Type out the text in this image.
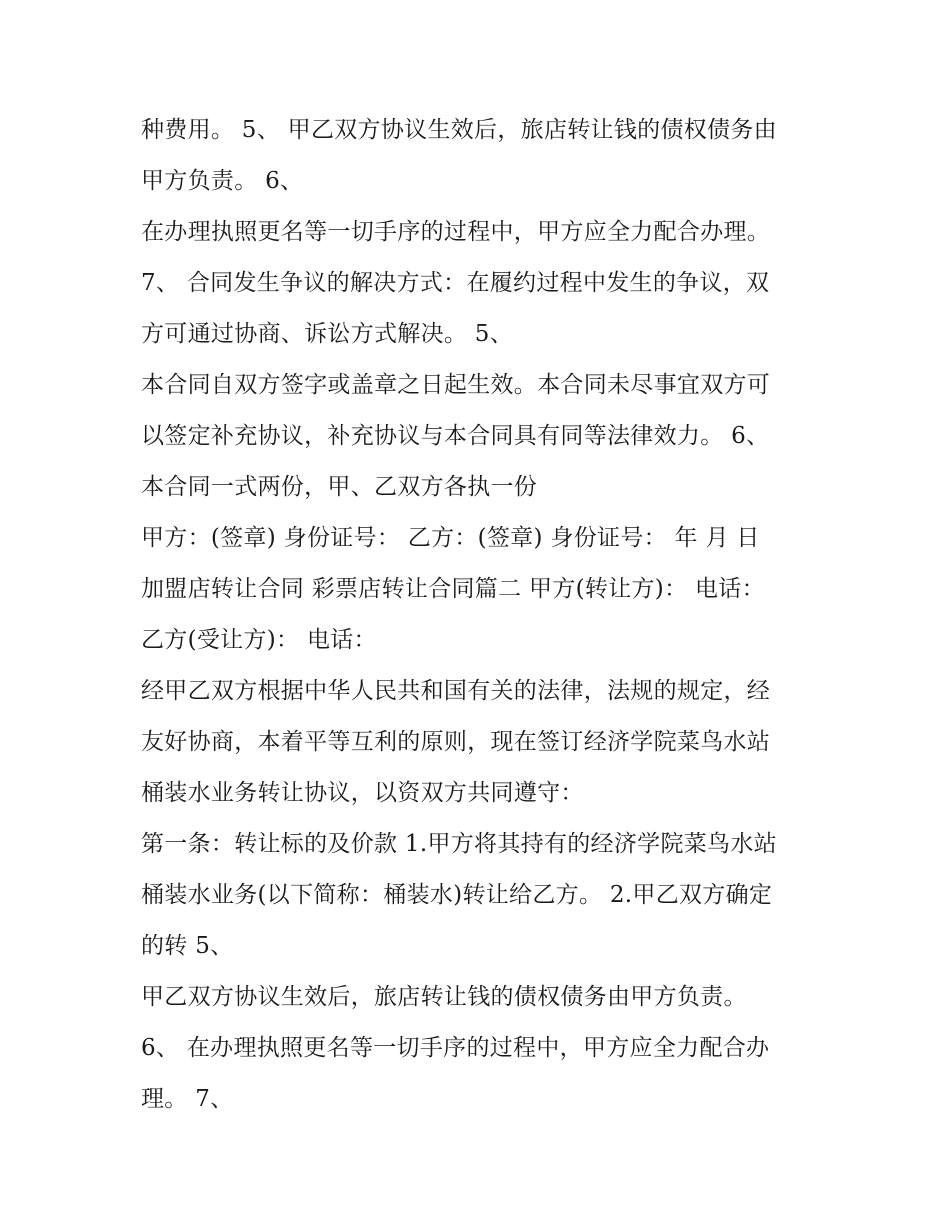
种费用。 5、 甲乙双方协议生效后，旅店转让钱的债权债务由
甲方负责。 6、
在办理执照更名等一切手序的过程中，甲方应全力配合办理。
7、 合同发生争议的解决方式：在履约过程中发生的争议，双
方可通过协商、诉讼方式解决。 5、
本合同自双方签字或盖章之日起生效。本合同未尽事宜双方可
以签定补充协议，补充协议与本合同具有同等法律效力。 6、
本合同一式两份，甲、乙双方各执一份
甲方：(签章) 身份证号： 乙方：(签章) 身份证号： 年 月 日
加盟店转让合同 彩票店转让合同篇二 甲方(转让方)： 电话：
乙方(受让方)： 电话：
经甲乙双方根据中华人民共和国有关的法律，法规的规定，经
友好协商，本着平等互利的原则，现在签订经济学院菜鸟水站
桶装水业务转让协议，以资双方共同遵守：
第一条：转让标的及价款 1.甲方将其持有的经济学院菜鸟水站
桶装水业务(以下简称：桶装水)转让给乙方。 2.甲乙双方确定
的转 5、
甲乙双方协议生效后，旅店转让钱的债权债务由甲方负责。
6、 在办理执照更名等一切手序的过程中，甲方应全力配合办
理。 7、
